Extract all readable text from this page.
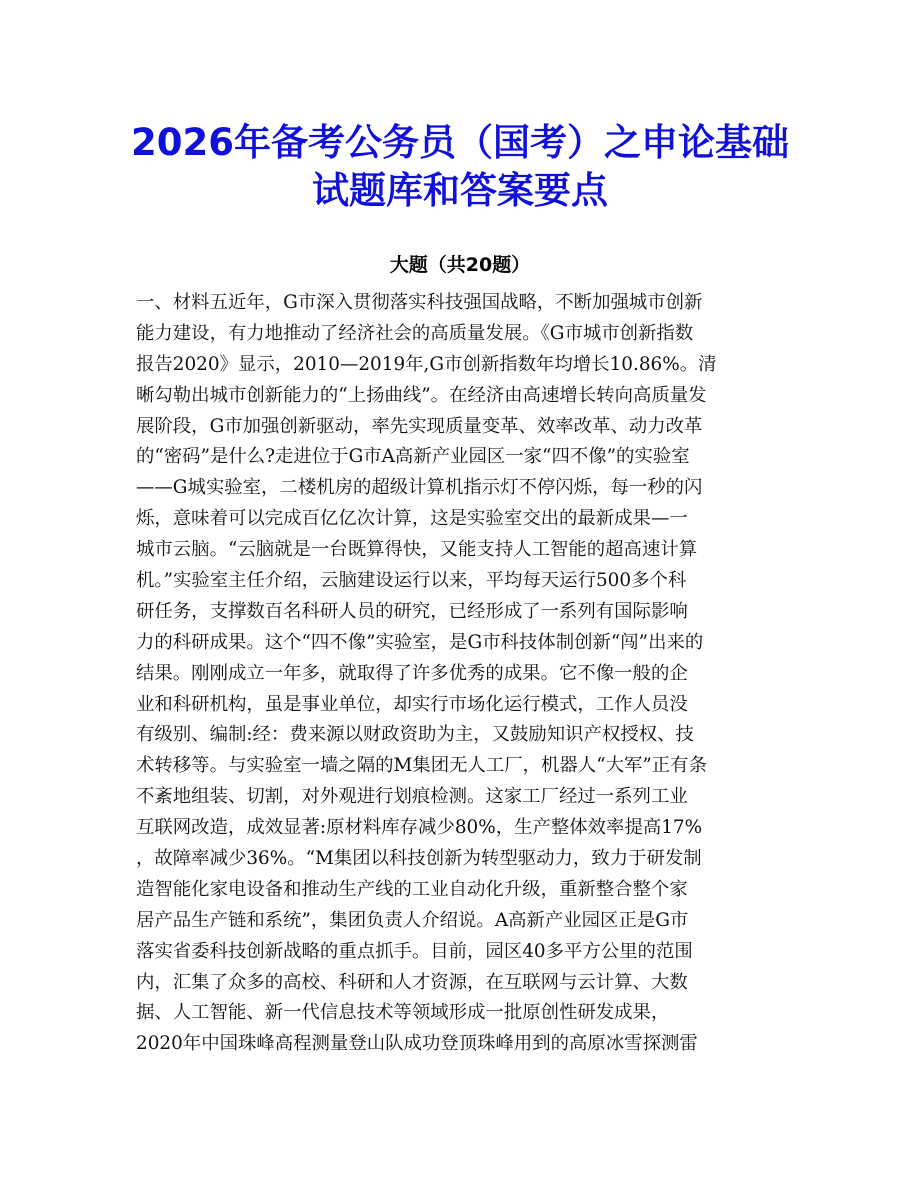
2026年备考公务员（国考）之申论基础
试题库和答案要点
大题（共20题）
一、材料五近年，G市深入贯彻落实科技强国战略，不断加强城市创新
能力建设，有力地推动了经济社会的高质量发展。《G市城市创新指数
报告2020》显示，2010—2019年,G市创新指数年均增长10.86%。清
晰勾勒出城市创新能力的“上扬曲线”。在经济由高速增长转向高质量发
展阶段，G市加强创新驱动，率先实现质量变革、效率改革、动力改革
的“密码”是什么?走进位于G市A高新产业园区一家“四不像”的实验室
——G城实验室，二楼机房的超级计算机指示灯不停闪烁，每一秒的闪
烁，意味着可以完成百亿亿次计算，这是实验室交出的最新成果—一
城市云脑。“云脑就是一台既算得快，又能支持人工智能的超高速计算
机。”实验室主任介绍，云脑建设运行以来，平均每天运行500多个科
研任务，支撑数百名科研人员的研究，已经形成了一系列有国际影响
力的科研成果。这个“四不像”实验室，是G市科技体制创新“闯”出来的
结果。刚刚成立一年多，就取得了许多优秀的成果。它不像一般的企
业和科研机构，虽是事业单位，却实行市场化运行模式，工作人员没
有级别、编制:经：费来源以财政资助为主，又鼓励知识产权授权、技
术转移等。与实验室一墙之隔的M集团无人工厂，机器人“大军”正有条
不紊地组装、切割，对外观进行划痕检测。这家工厂经过一系列工业
互联网改造，成效显著:原材料库存减少80%，生产整体效率提高17%
，故障率减少36%。“M集团以科技创新为转型驱动力，致力于研发制
造智能化家电设备和推动生产线的工业自动化升级，重新整合整个家
居产品生产链和系统”，集团负责人介绍说。A高新产业园区正是G市
落实省委科技创新战略的重点抓手。目前，园区40多平方公里的范围
内，汇集了众多的高校、科研和人才资源，在互联网与云计算、大数
据、人工智能、新一代信息技术等领域形成一批原创性研发成果，
2020年中国珠峰高程测量登山队成功登顶珠峰用到的高原冰雪探测雷
